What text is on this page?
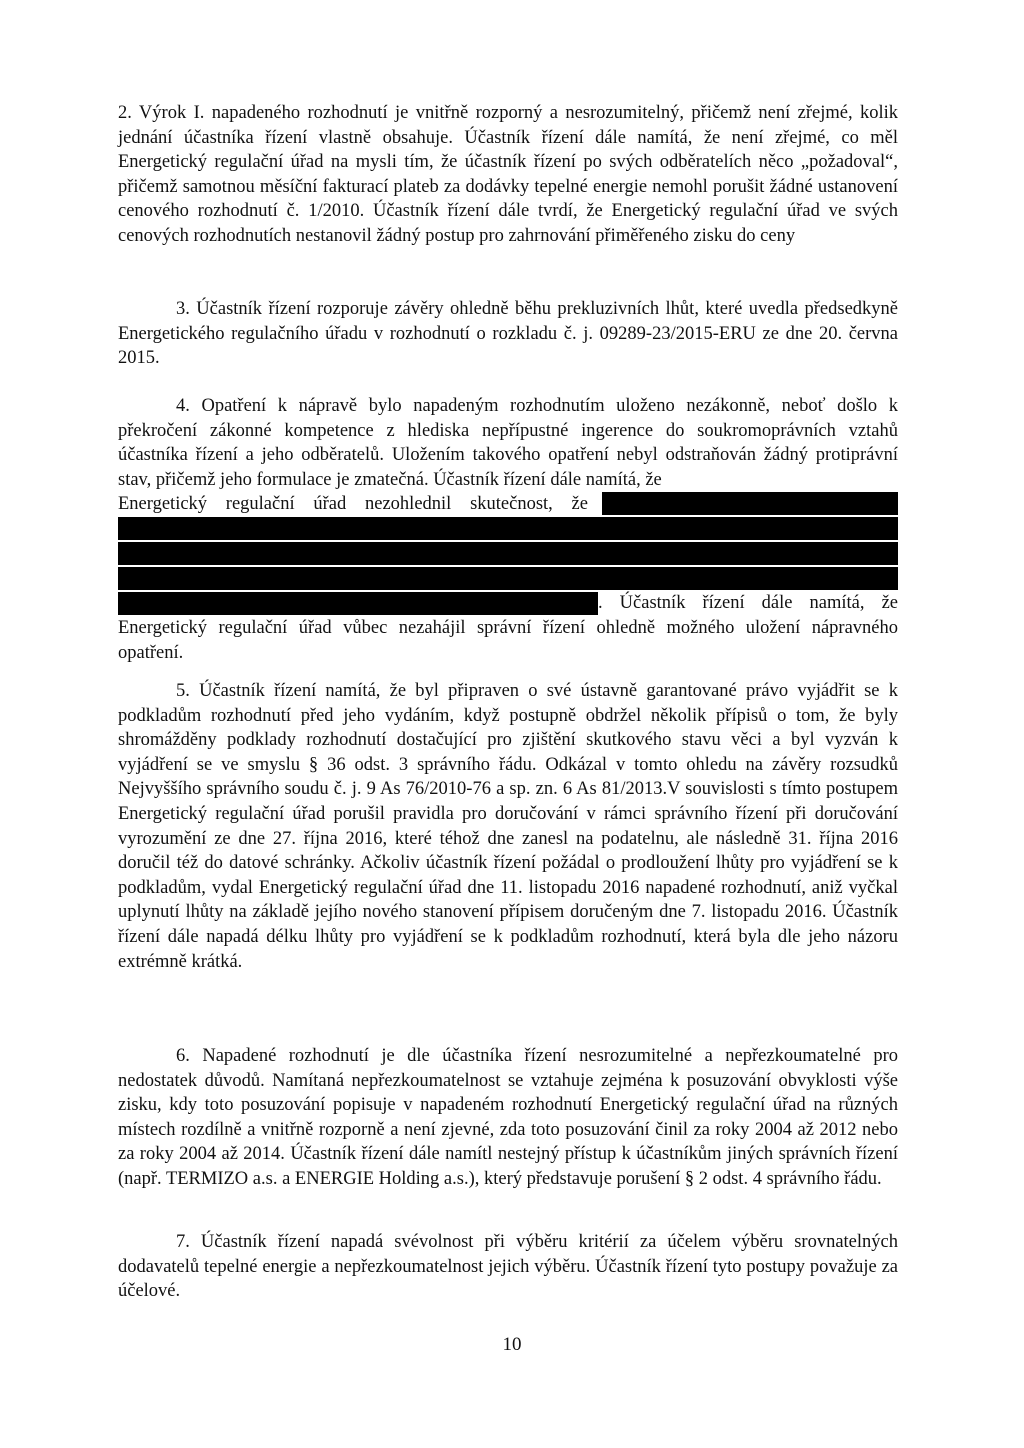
2. Výrok I. napadeného rozhodnutí je vnitřně rozporný a nesrozumitelný, přičemž není zřejmé, kolik jednání účastníka řízení vlastně obsahuje. Účastník řízení dále namítá, že není zřejmé, co měl Energetický regulační úřad na mysli tím, že účastník řízení po svých odběratelích něco „požadoval“, přičemž samotnou měsíční fakturací plateb za dodávky tepelné energie nemohl porušit žádné ustanovení cenového rozhodnutí č. 1/2010. Účastník řízení dále tvrdí, že Energetický regulační úřad ve svých cenových rozhodnutích nestanovil žádný postup pro zahrnování přiměřeného zisku do ceny

3. Účastník řízení rozporuje závěry ohledně běhu prekluzivních lhůt, které uvedla předsedkyně Energetického regulačního úřadu v rozhodnutí o rozkladu č. j. 09289-23/2015-ERU ze dne 20. června 2015.

4. Opatření k nápravě bylo napadeným rozhodnutím uloženo nezákonně, neboť došlo k překročení zákonné kompetence z hlediska nepřípustné ingerence do soukromoprávních vztahů účastníka řízení a jeho odběratelů. Uložením takového opatření nebyl odstraňován žádný protiprávní stav, přičemž jeho formulace je zmatečná. Účastník řízení dále namítá, že

Energetický regulační úřad nezohlednil skutečnost, že
. Účastník řízení dále namítá, že

Energetický regulační úřad vůbec nezahájil správní řízení ohledně možného uložení nápravného opatření.

5. Účastník řízení namítá, že byl připraven o své ústavně garantované právo vyjádřit se k podkladům rozhodnutí před jeho vydáním, když postupně obdržel několik přípisů o tom, že byly shromážděny podklady rozhodnutí dostačující pro zjištění skutkového stavu věci a byl vyzván k vyjádření se ve smyslu § 36 odst. 3 správního řádu. Odkázal v tomto ohledu na závěry rozsudků Nejvyššího správního soudu č. j. 9 As 76/2010-76 a sp. zn. 6 As 81/2013.V souvislosti s tímto postupem Energetický regulační úřad porušil pravidla pro doručování v rámci správního řízení při doručování vyrozumění ze dne 27. října 2016, které téhož dne zanesl na podatelnu, ale následně 31. října 2016 doručil též do datové schránky. Ačkoliv účastník řízení požádal o prodloužení lhůty pro vyjádření se k podkladům, vydal Energetický regulační úřad dne 11. listopadu 2016 napadené rozhodnutí, aniž vyčkal uplynutí lhůty na základě jejího nového stanovení přípisem doručeným dne 7. listopadu 2016. Účastník řízení dále napadá délku lhůty pro vyjádření se k podkladům rozhodnutí, která byla dle jeho názoru extrémně krátká.

6. Napadené rozhodnutí je dle účastníka řízení nesrozumitelné a nepřezkoumatelné pro nedostatek důvodů. Namítaná nepřezkoumatelnost se vztahuje zejména k posuzování obvyklosti výše zisku, kdy toto posuzování popisuje v napadeném rozhodnutí Energetický regulační úřad na různých místech rozdílně a vnitřně rozporně a není zjevné, zda toto posuzování činil za roky 2004 až 2012 nebo za roky 2004 až 2014. Účastník řízení dále namítl nestejný přístup k účastníkům jiných správních řízení (např. TERMIZO a.s. a ENERGIE Holding a.s.), který představuje porušení § 2 odst. 4 správního řádu.

7. Účastník řízení napadá svévolnost při výběru kritérií za účelem výběru srovnatelných dodavatelů tepelné energie a nepřezkoumatelnost jejich výběru. Účastník řízení tyto postupy považuje za účelové.

10
